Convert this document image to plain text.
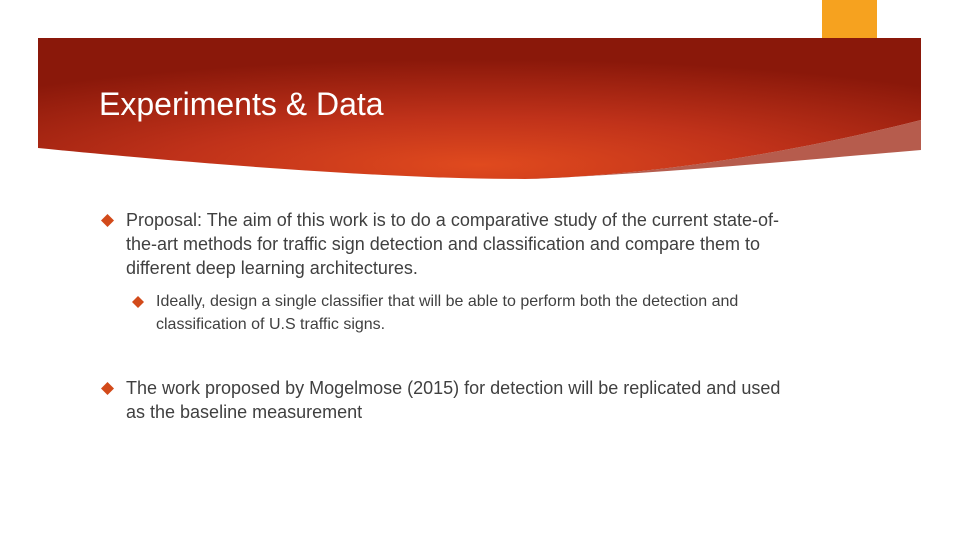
Experiments & Data

Proposal: The aim of this work is to do a comparative study of the current state-of-the-art methods for traffic sign detection and classification and compare them to different deep learning architectures.

Ideally, design a single classifier that will be able to perform both the detection and classification of U.S traffic signs.

The work proposed by Mogelmose (2015) for detection will be replicated and used as the baseline measurement
